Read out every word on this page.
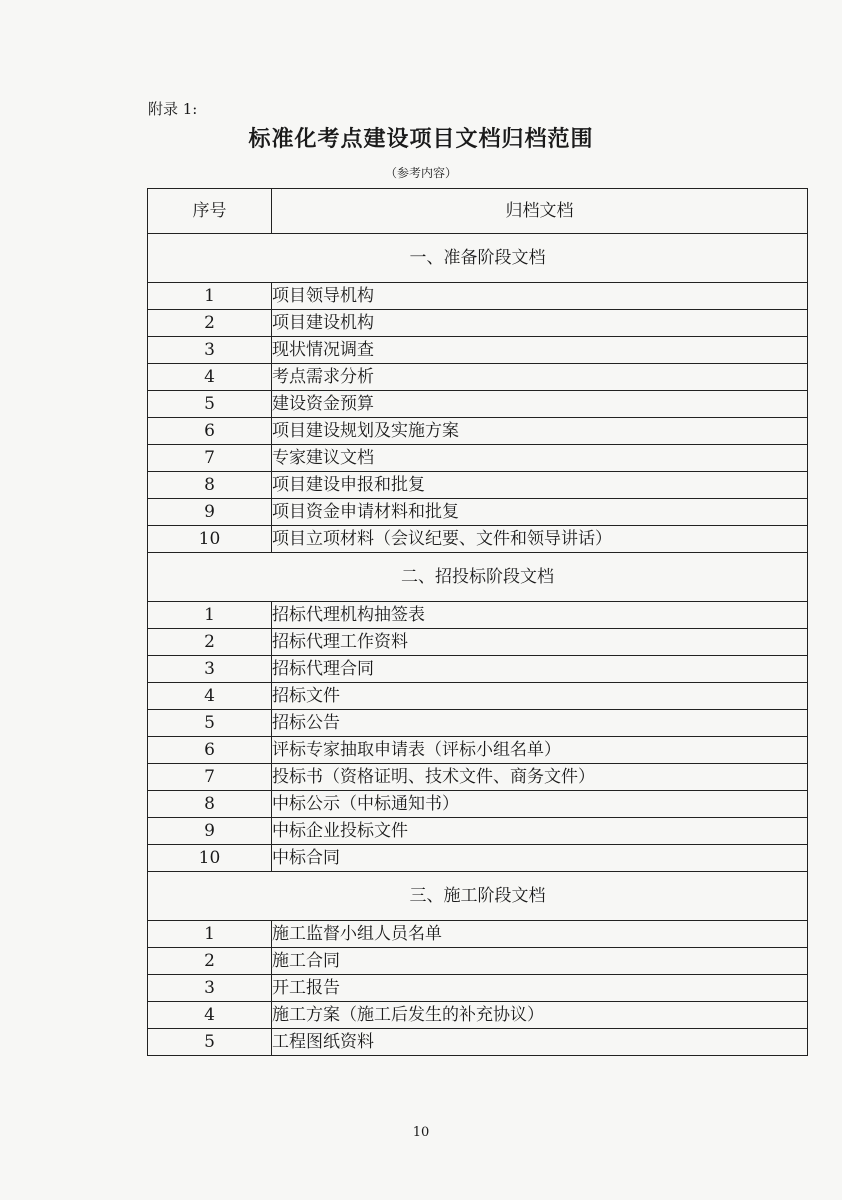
附录 1:
标准化考点建设项目文档归档范围
（参考内容）
序号	归档文档
一、准备阶段文档	
1	项目领导机构
2	项目建设机构
3	现状情况调查
4	考点需求分析
5	建设资金预算
6	项目建设规划及实施方案
7	专家建议文档
8	项目建设申报和批复
9	项目资金申请材料和批复
10	项目立项材料（会议纪要、文件和领导讲话）
二、招投标阶段文档	
1	招标代理机构抽签表
2	招标代理工作资料
3	招标代理合同
4	招标文件
5	招标公告
6	评标专家抽取申请表（评标小组名单）
7	投标书（资格证明、技术文件、商务文件）
8	中标公示（中标通知书）
9	中标企业投标文件
10	中标合同
三、施工阶段文档	
1	施工监督小组人员名单
2	施工合同
3	开工报告
4	施工方案（施工后发生的补充协议）
5	工程图纸资料
10
